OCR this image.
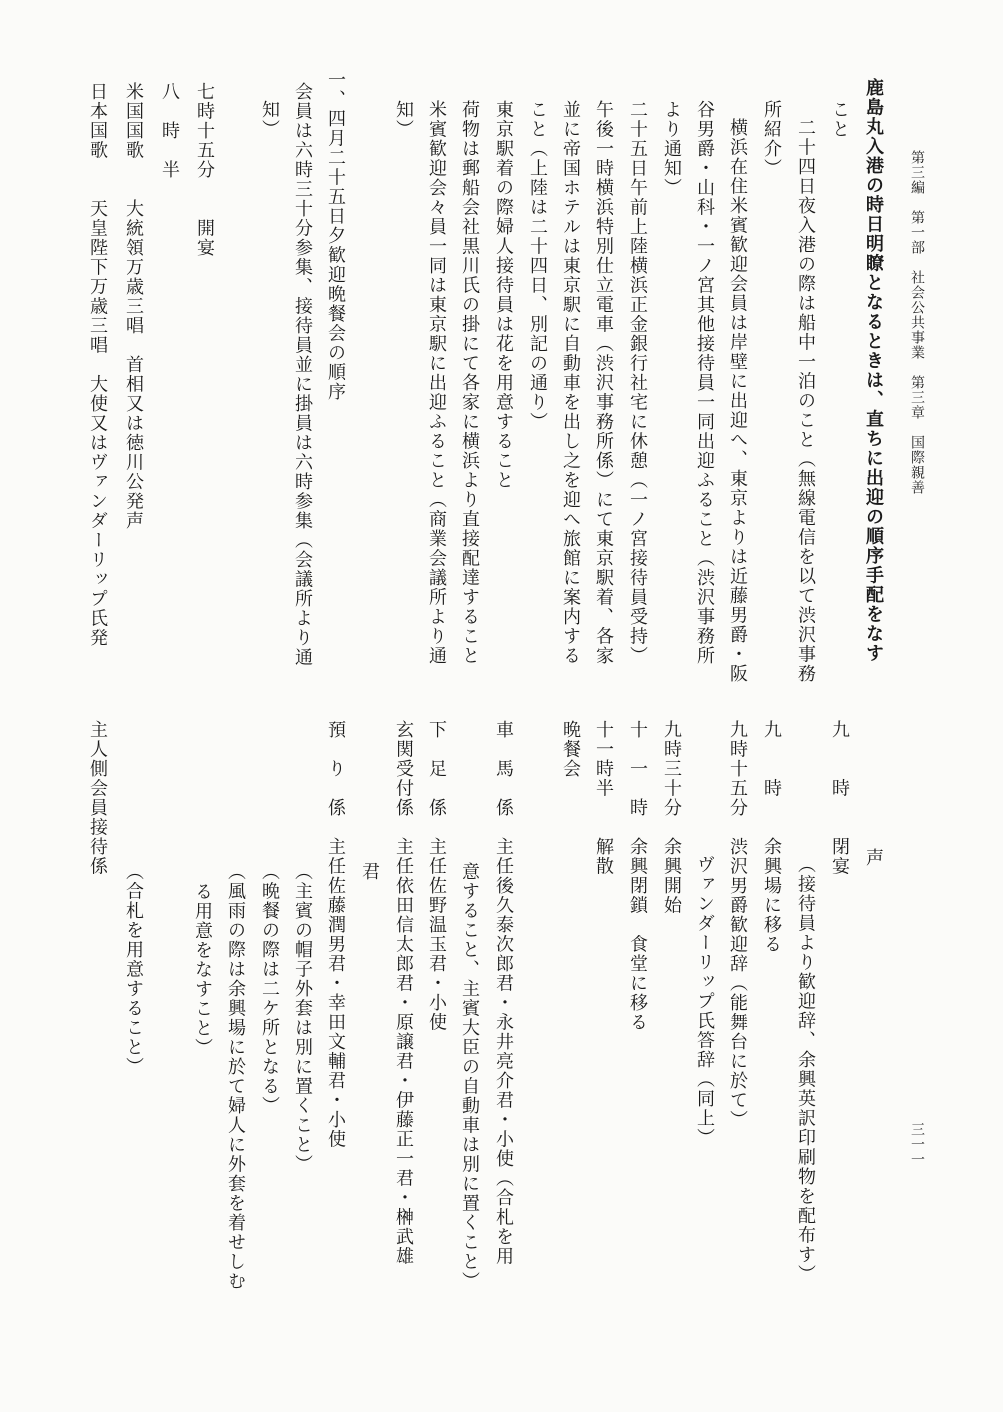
第三編　第一部　社会公共事業　第三章　国際親善
三一一
鹿島丸入港の時日明瞭となるときは、直ちに出迎の順序手配をなす
こと
二十四日夜入港の際は船中一泊のこと（無線電信を以て渋沢事務
所紹介）
横浜在住米賓歓迎会員は岸壁に出迎へ、東京よりは近藤男爵・阪
谷男爵・山科・一ノ宮其他接待員一同出迎ふること（渋沢事務所
より通知）
二十五日午前上陸横浜正金銀行社宅に休憩（一ノ宮接待員受持）
午後一時横浜特別仕立電車（渋沢事務所係）にて東京駅着、各家
並に帝国ホテルは東京駅に自動車を出し之を迎へ旅館に案内する
こと（上陸は二十四日、別記の通り）
東京駅着の際婦人接待員は花を用意すること
荷物は郵船会社黒川氏の掛にて各家に横浜より直接配達すること
米賓歓迎会々員一同は東京駅に出迎ふること（商業会議所より通
知）
一、四月二十五日夕歓迎晩餐会の順序
会員は六時三十分参集、接待員並に掛員は六時参集（会議所より通
知）
七時十五分　　開宴
八　時　半
米国国歌　　大統領万歳三唱　首相又は徳川公発声
日本国歌　　天皇陛下万歳三唱　大使又はヴァンダーリップ氏発
声
九　　時　　閉宴
（接待員より歓迎辞、余興英訳印刷物を配布す）
九　　時　　余興場に移る
九時十五分　渋沢男爵歓迎辞（能舞台に於て）
ヴァンダーリップ氏答辞（同上）
九時三十分　余興開始
十　一　時　余興閉鎖　食堂に移る
十一時半　　解散
晩餐会
車　馬　係　主任後久泰次郎君・永井亮介君・小使（合札を用
意すること、主賓大臣の自動車は別に置くこと）
下　足　係　主任佐野温玉君・小使
玄関受付係　主任依田信太郎君・原譲君・伊藤正一君・榊武雄
君
預　り　係　主任佐藤潤男君・幸田文輔君・小使
（主賓の帽子外套は別に置くこと）
（晩餐の際は二ケ所となる）
（風雨の際は余興場に於て婦人に外套を着せしむ
る用意をなすこと）
（合札を用意すること）
主人側会員接待係
